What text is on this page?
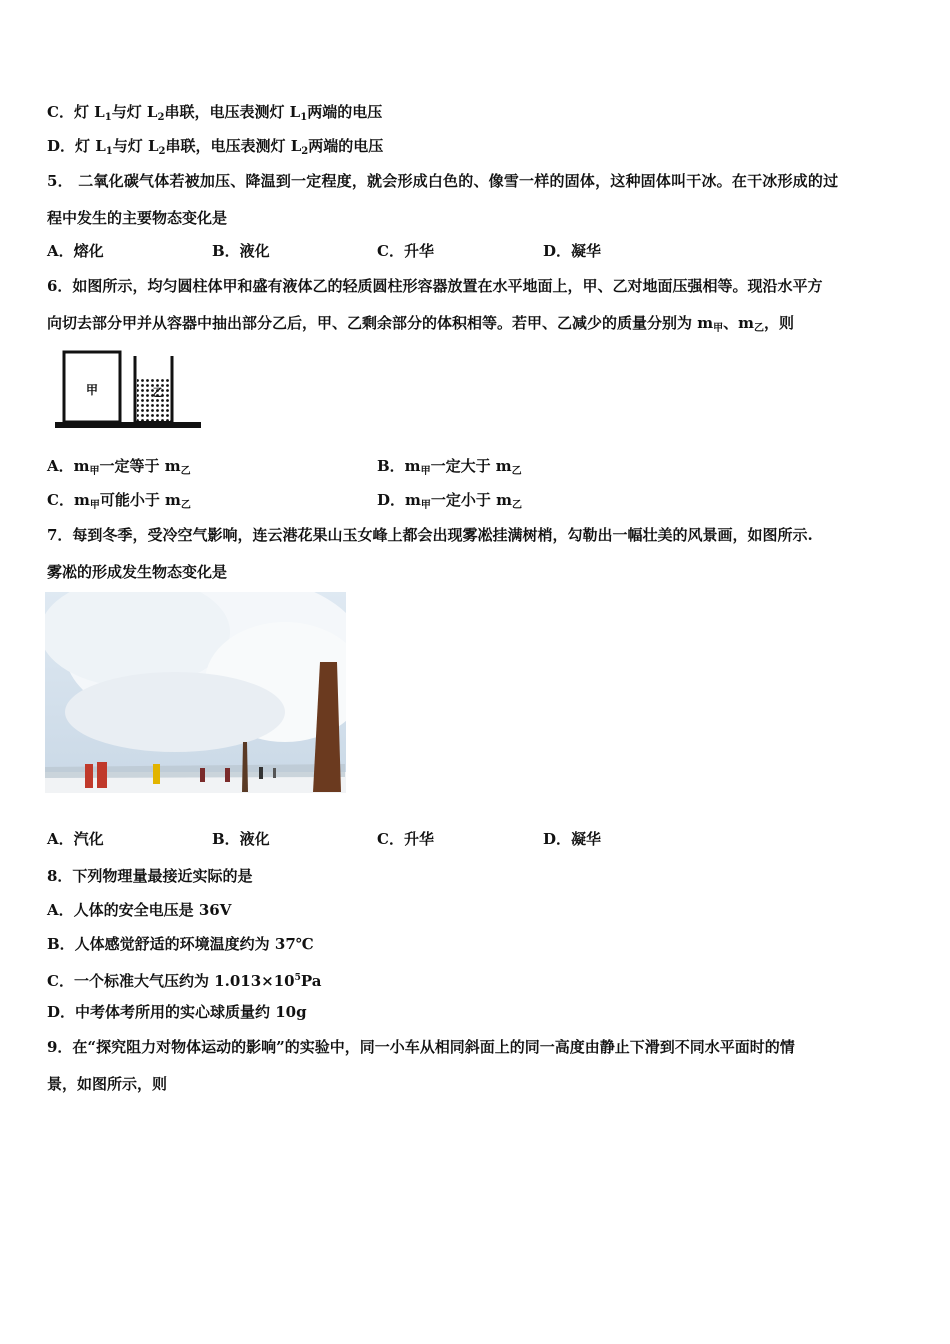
C．灯 $L_1$与灯 $L_2$串联，电压表测灯 $L_1$两端的电压
D．灯 $L_1$与灯 $L_2$串联，电压表测灯 $L_2$两端的电压
5． 二氧化碳气体若被加压、降温到一定程度，就会形成白色的、像雪一样的固体，这种固体叫干冰。在干冰形成的过
程中发生的主要物态变化是
A．熔化	B．液化	C．升华	D．凝华
6．如图所示，均匀圆柱体甲和盛有液体乙的轻质圆柱形容器放置在水平地面上，甲、乙对地面压强相等。现沿水平方
向切去部分甲并从容器中抽出部分乙后，甲、乙剩余部分的体积相等。若甲、乙减少的质量分别为 $m_甲$、$m_乙$，则
甲	乙
A．$m_甲$一定等于 $m_乙$	B．$m_甲$一定大于 $m_乙$
C．$m_甲$可能小于 $m_乙$	D．$m_甲$一定小于 $m_乙$
7．每到冬季，受冷空气影响，连云港花果山玉女峰上都会出现雾凇挂满树梢，勾勒出一幅壮美的风景画，如图所示.
雾凇的形成发生物态变化是
A．汽化	B．液化	C．升华	D．凝华
8．下列物理量最接近实际的是
A．人体的安全电压是 36V
B．人体感觉舒适的环境温度约为 37℃
C．一个标准大气压约为 $1.013\times 10^5Pa$
D．中考体考所用的实心球质量约 10g
9．在“探究阻力对物体运动的影响”的实验中，同一小车从相同斜面上的同一高度由静止下滑到不同水平面时的情
景，如图所示，则
